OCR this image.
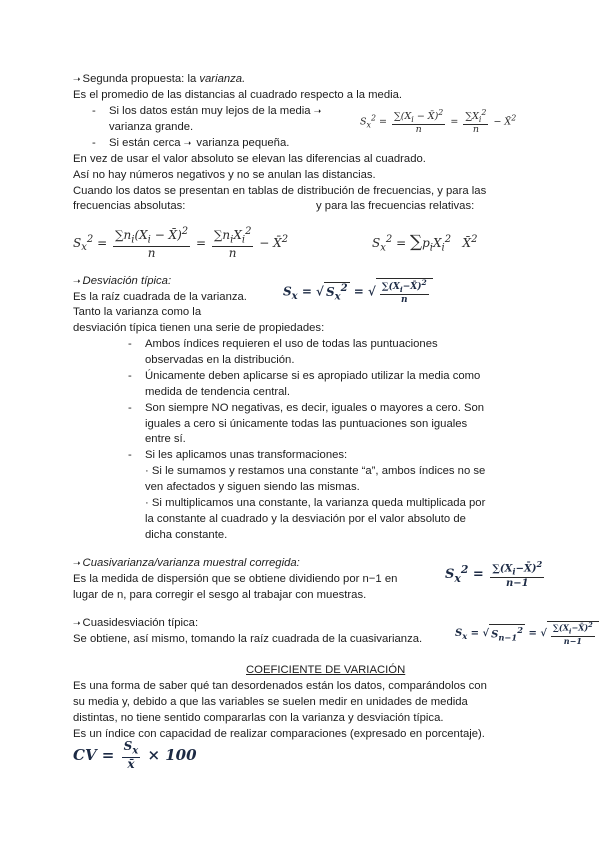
➝ Segunda propuesta: la varianza.

Es el promedio de las distancias al cuadrado respecto a la media.

- Si los datos están muy lejos de la media ➝

varianza grande.

- Si están cerca ➝ varianza pequeña.

$S_x^2 = \frac{\sum(X_i - X̄)^2}{n} = \frac{\sum X_i^2}{n}$ − X̄$^2$

En vez de usar el valor absoluto se elevan las diferencias al cuadrado.

Así no hay números negativos y no se anulan las distancias.

Cuando los datos se presentan en tablas de distribución de frecuencias, y para las

frecuencias absolutas:	y para las frecuencias relativas:

$S_x^2 = \frac{\sum n_i(X_i - X̄)^2}{n} = \frac{\sum n_iX_i^2}{n}$ − X̄$^2$	$S_x^2 = \sum p_iX_i^2$   X̄$^2$

➝ Desviación típica:

Es la raíz cuadrada de la varianza.

Tanto la varianza como la

desviación típica tienen una serie de propiedades:

$S_x$ = √ $S_x^2$ = √ $\frac{\sum(X_i-X̄)^2}{n}$

- Ambos índices requieren el uso de todas las puntuaciones

observadas en la distribución.

- Únicamente deben aplicarse si es apropiado utilizar la media como

medida de tendencia central.

- Son siempre NO negativas, es decir, iguales o mayores a cero. Son

iguales a cero si únicamente todas las puntuaciones son iguales

entre sí.

- Si les aplicamos unas transformaciones:

· Si le sumamos y restamos una constante “a”, ambos índices no se

ven afectados y siguen siendo las mismas.

· Si multiplicamos una constante, la varianza queda multiplicada por

la constante al cuadrado y la desviación por el valor absoluto de

dicha constante.

➝ Cuasivarianza/varianza muestral corregida:

Es la medida de dispersión que se obtiene dividiendo por n−1 en

lugar de n, para corregir el sesgo al trabajar con muestras.

$S_x^2 = \frac{\sum(X_i-X̄)^2}{n-1}$

➝ Cuasidesviación típica:

Se obtiene, así mismo, tomando la raíz cuadrada de la cuasivarianza.	$S_x$ = √ $S_{n-1}^2$ = √ $\frac{\sum(X_i-X̄)^2}{n-1}$

COEFICIENTE DE VARIACIÓN

Es una forma de saber qué tan desordenados están los datos, comparándolos con

su media y, debido a que las variables se suelen medir en unidades de medida

distintas, no tiene sentido compararlas con la varianza y desviación típica.

Es un índice con capacidad de realizar comparaciones (expresado en porcentaje).

CV = $\frac{S_x}{x̄} \times 100$
